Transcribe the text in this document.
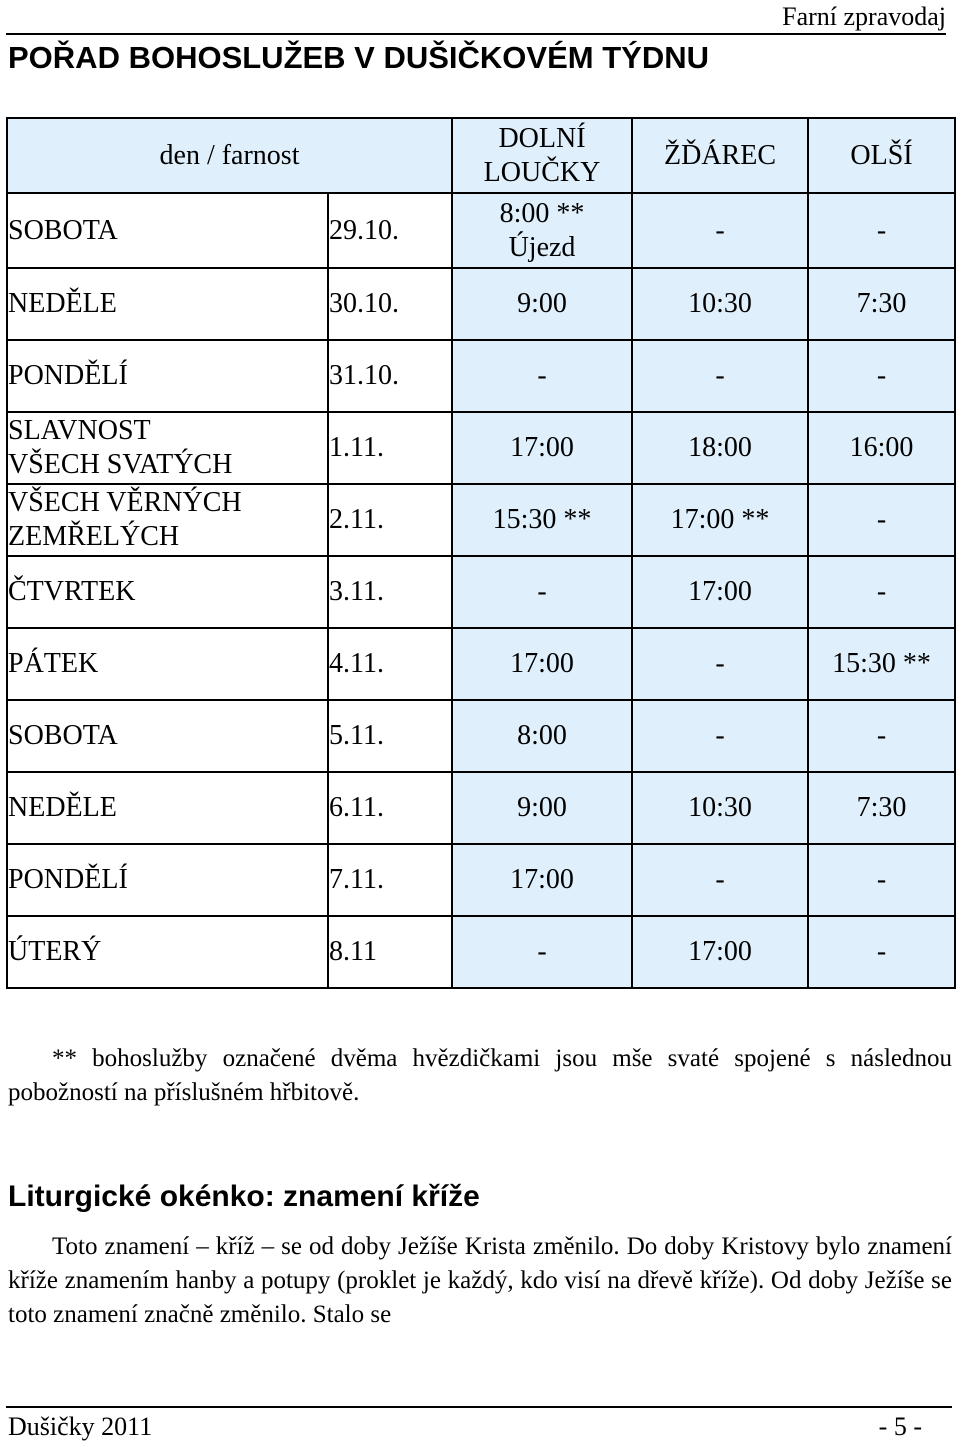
Farní zpravodaj
POŘAD BOHOSLUŽEB V DUŠIČKOVÉM TÝDNU
den / farnost		DOLNÍ
LOUČKY	ŽĎÁREC	OLŠÍ
SOBOTA	29.10.	8:00 **
Újezd	-	-
NEDĚLE	30.10.	9:00	10:30	7:30
PONDĚLÍ	31.10.	-	-	-

SLAVNOST
VŠECH SVATÝCH	1.11.	17:00	18:00	16:00

VŠECH VĚRNÝCH
ZEMŘELÝCH	2.11.	15:30 **	17:00 **	-
ČTVRTEK	3.11.	-	17:00	-
PÁTEK	4.11.	17:00	-	15:30 **
SOBOTA	5.11.	8:00	-	-
NEDĚLE	6.11.	9:00	10:30	7:30
PONDĚLÍ	7.11.	17:00	-	-
ÚTERÝ	8.11	-	17:00	-

** bohoslužby označené dvěma hvězdičkami jsou mše svaté spojené s následnou pobožností na příslušném hřbitově.

Liturgické okénko: znamení kříže

Toto znamení – kříž – se od doby Ježíše Krista změnilo. Do doby Kristovy bylo znamení kříže znamením hanby a potupy (proklet je každý, kdo visí na dřevě kříže). Od doby Ježíše se toto znamení značně změnilo. Stalo se

Dušičky 2011	- 5 -
